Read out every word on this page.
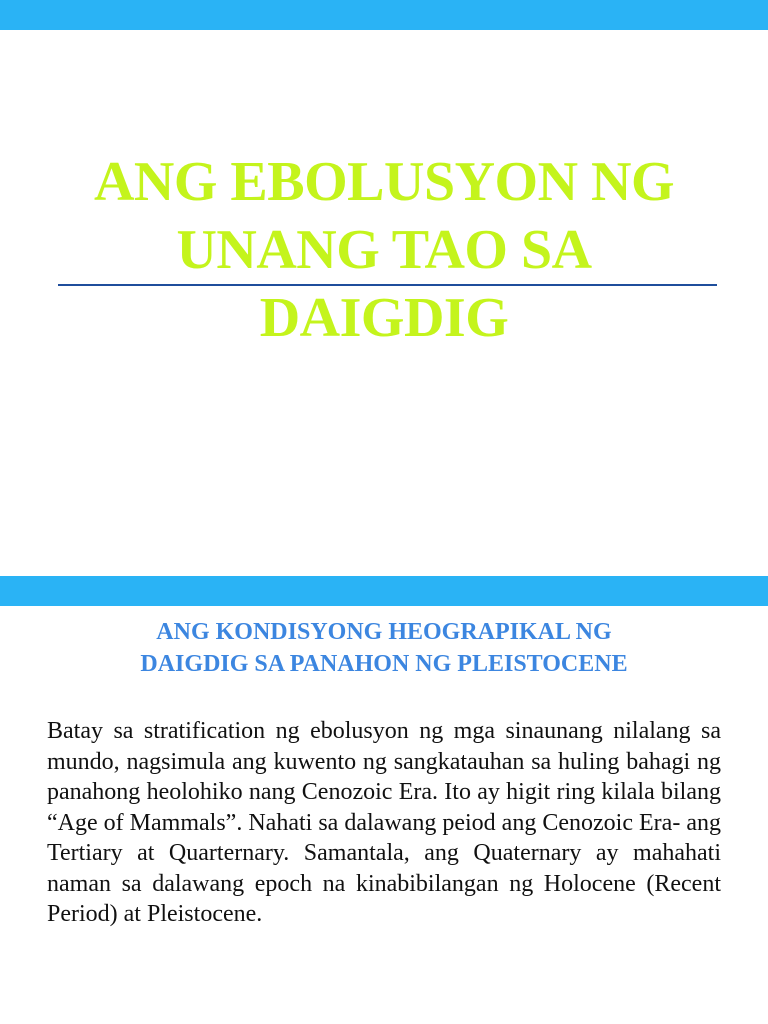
ANG EBOLUSYON NG
UNANG TAO SA
DAIGDIG
ANG KONDISYONG HEOGRAPIKAL NG
DAIGDIG SA PANAHON NG PLEISTOCENE

Batay sa stratification ng ebolusyon ng mga sinaunang nilalang sa mundo, nagsimula ang kuwento ng sangkatauhan sa huling bahagi ng panahong heolohiko nang Cenozoic Era. Ito ay higit ring kilala bilang “Age of Mammals”. Nahati sa dalawang peiod ang Cenozoic Era- ang Tertiary at Quarternary. Samantala, ang Quaternary ay mahahati naman sa dalawang epoch na kinabibilangan ng Holocene (Recent Period) at Pleistocene.
